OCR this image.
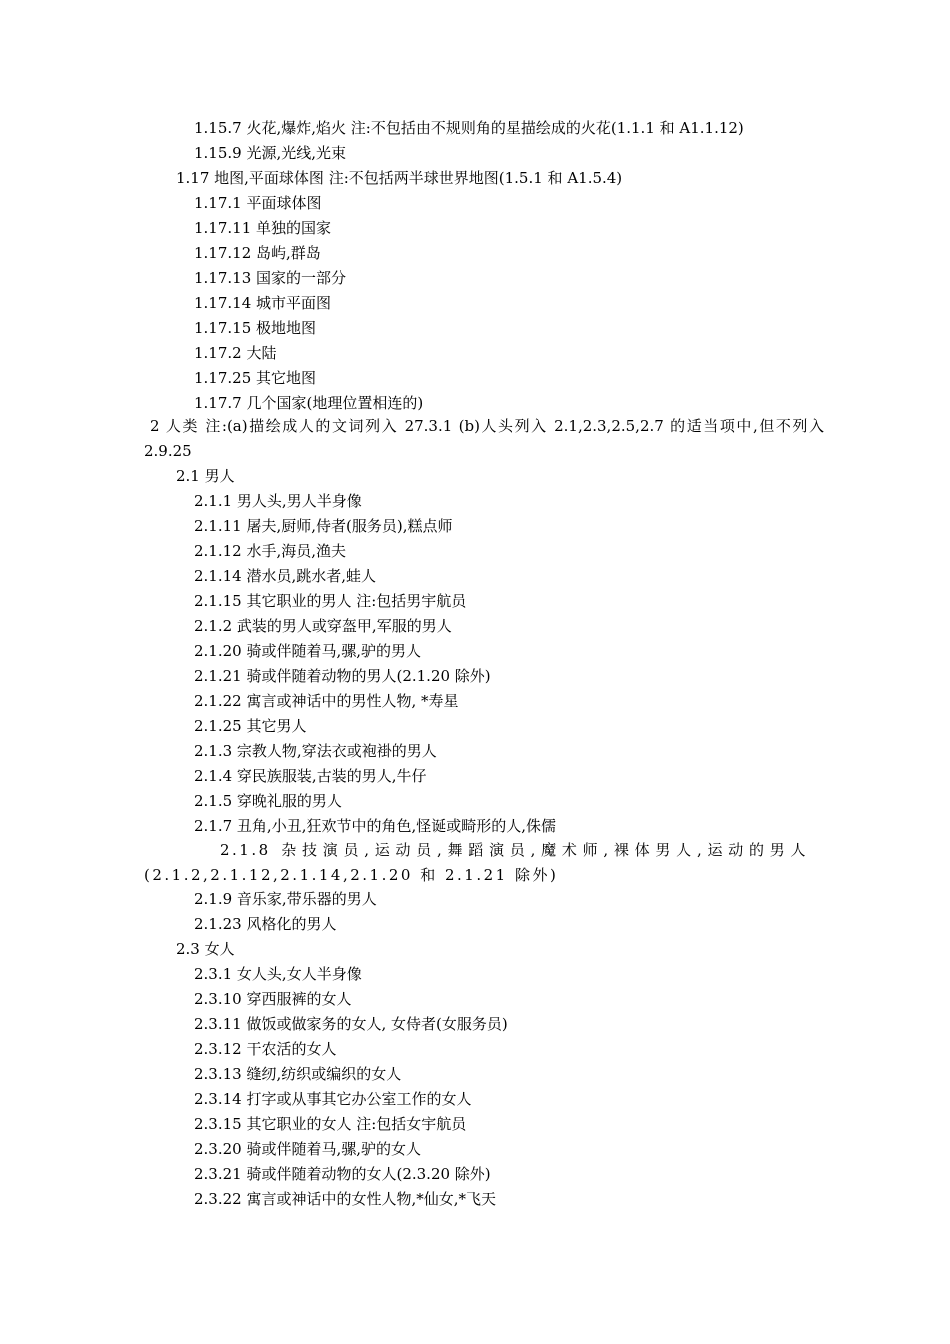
1.15.7 火花,爆炸,焰火 注:不包括由不规则角的星描绘成的火花(1.1.1 和 A1.1.12)
1.15.9 光源,光线,光束
1.17 地图,平面球体图 注:不包括两半球世界地图(1.5.1 和 A1.5.4)
1.17.1 平面球体图
1.17.11 单独的国家
1.17.12 岛屿,群岛
1.17.13 国家的一部分
1.17.14 城市平面图
1.17.15 极地地图
1.17.2 大陆
1.17.25 其它地图
1.17.7 几个国家(地理位置相连的)
2 人类 注:(a)描绘成人的文词列入 27.3.1 (b)人头列入 2.1,2.3,2.5,2.7 的适当项中,但不列入 2.9.25
2.1 男人
2.1.1 男人头,男人半身像
2.1.11 屠夫,厨师,侍者(服务员),糕点师
2.1.12 水手,海员,渔夫
2.1.14 潜水员,跳水者,蛙人
2.1.15 其它职业的男人 注:包括男宇航员
2.1.2 武装的男人或穿盔甲,军服的男人
2.1.20 骑或伴随着马,骡,驴的男人
2.1.21 骑或伴随着动物的男人(2.1.20 除外)
2.1.22 寓言或神话中的男性人物, *寿星
2.1.25 其它男人
2.1.3 宗教人物,穿法衣或袍褂的男人
2.1.4 穿民族服装,古装的男人,牛仔
2.1.5 穿晚礼服的男人
2.1.7 丑角,小丑,狂欢节中的角色,怪诞或畸形的人,侏儒
2.1.8 杂技演员,运动员,舞蹈演员,魔术师,裸体男人,运动的男人(2.1.2,2.1.12,2.1.14,2.1.20 和 2.1.21 除外)
2.1.9 音乐家,带乐器的男人
2.1.23 风格化的男人
2.3 女人
2.3.1 女人头,女人半身像
2.3.10 穿西服裤的女人
2.3.11 做饭或做家务的女人, 女侍者(女服务员)
2.3.12 干农活的女人
2.3.13 缝纫,纺织或编织的女人
2.3.14 打字或从事其它办公室工作的女人
2.3.15 其它职业的女人 注:包括女宇航员
2.3.20 骑或伴随着马,骡,驴的女人
2.3.21 骑或伴随着动物的女人(2.3.20 除外)
2.3.22 寓言或神话中的女性人物,*仙女,*飞天
